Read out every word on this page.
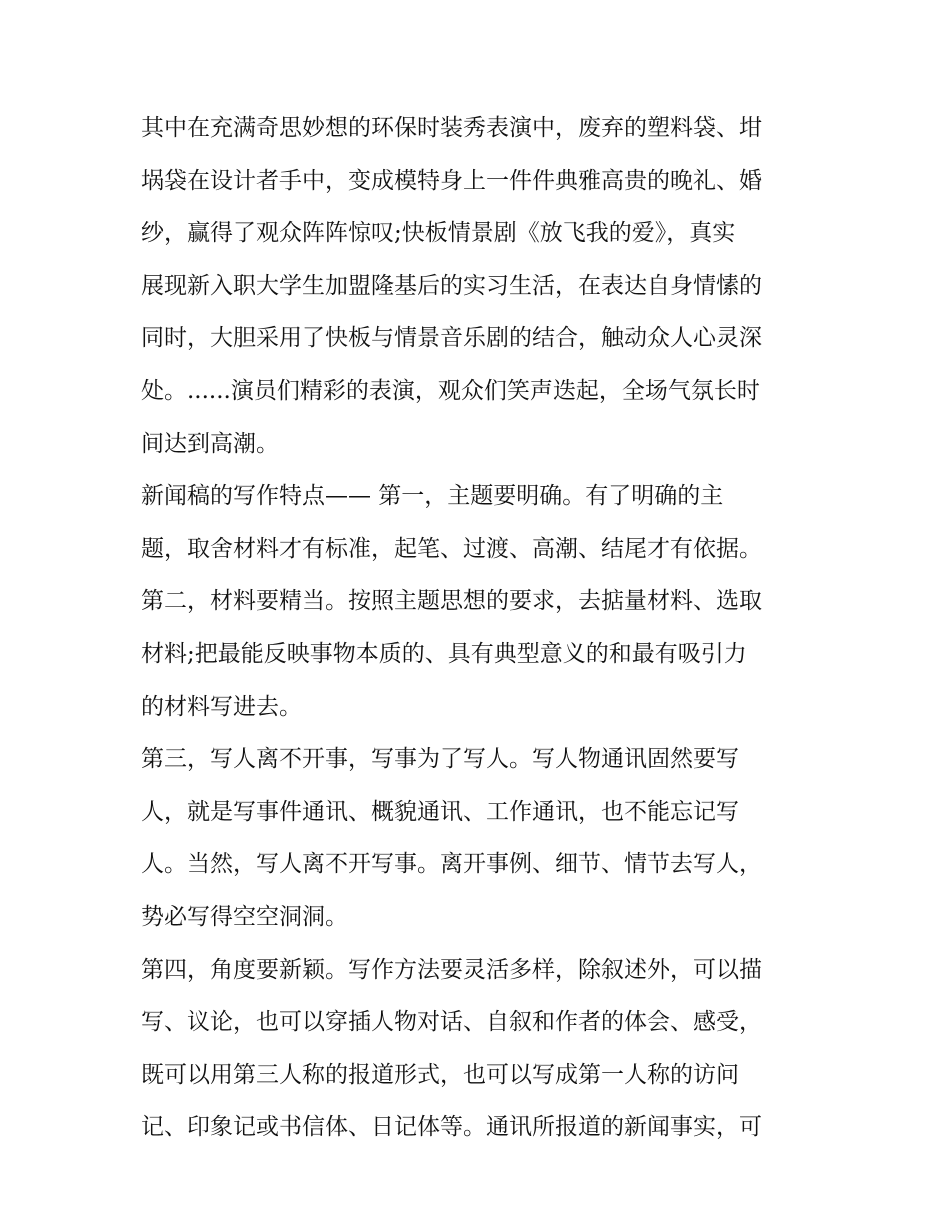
其中在充满奇思妙想的环保时装秀表演中，废弃的塑料袋、坩
埚袋在设计者手中，变成模特身上一件件典雅高贵的晚礼、婚
纱，赢得了观众阵阵惊叹;快板情景剧《放飞我的爱》，真实
展现新入职大学生加盟隆基后的实习生活，在表达自身情愫的
同时，大胆采用了快板与情景音乐剧的结合，触动众人心灵深
处。......演员们精彩的表演，观众们笑声迭起，全场气氛长时
间达到高潮。
新闻稿的写作特点—— 第一，主题要明确。有了明确的主
题，取舍材料才有标准，起笔、过渡、高潮、结尾才有依据。
第二，材料要精当。按照主题思想的要求，去掂量材料、选取
材料;把最能反映事物本质的、具有典型意义的和最有吸引力
的材料写进去。
第三，写人离不开事，写事为了写人。写人物通讯固然要写
人，就是写事件通讯、概貌通讯、工作通讯，也不能忘记写
人。当然，写人离不开写事。离开事例、细节、情节去写人，
势必写得空空洞洞。
第四，角度要新颖。写作方法要灵活多样，除叙述外，可以描
写、议论，也可以穿插人物对话、自叙和作者的体会、感受，
既可以用第三人称的报道形式，也可以写成第一人称的访问
记、印象记或书信体、日记体等。通讯所报道的新闻事实，可
